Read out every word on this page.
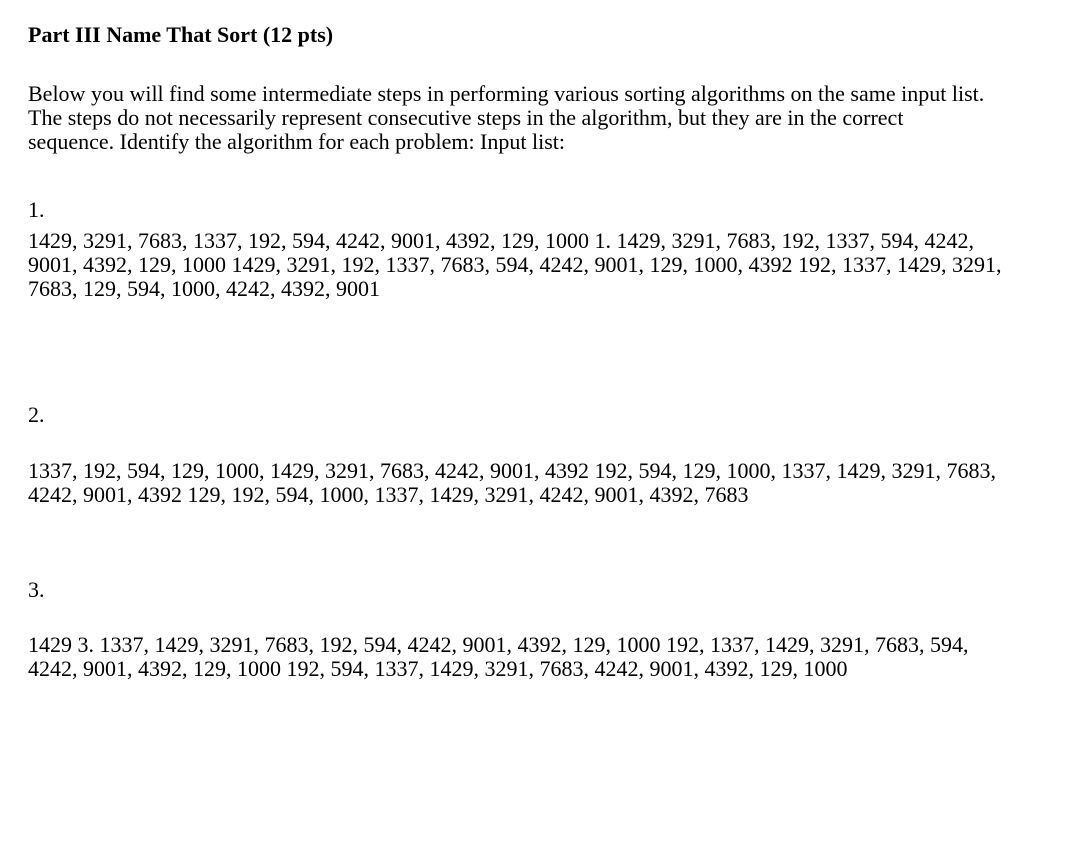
Part III Name That Sort (12 pts)

Below you will find some intermediate steps in performing various sorting algorithms on the same input list. The steps do not necessarily represent consecutive steps in the algorithm, but they are in the correct sequence. Identify the algorithm for each problem: Input list:

1.

1429, 3291, 7683, 1337, 192, 594, 4242, 9001, 4392, 129, 1000 1. 1429, 3291, 7683, 192, 1337, 594, 4242, 9001, 4392, 129, 1000 1429, 3291, 192, 1337, 7683, 594, 4242, 9001, 129, 1000, 4392 192, 1337, 1429, 3291, 7683, 129, 594, 1000, 4242, 4392, 9001

2.

1337, 192, 594, 129, 1000, 1429, 3291, 7683, 4242, 9001, 4392 192, 594, 129, 1000, 1337, 1429, 3291, 7683, 4242, 9001, 4392 129, 192, 594, 1000, 1337, 1429, 3291, 4242, 9001, 4392, 7683

3.

1429 3. 1337, 1429, 3291, 7683, 192, 594, 4242, 9001, 4392, 129, 1000 192, 1337, 1429, 3291, 7683, 594, 4242, 9001, 4392, 129, 1000 192, 594, 1337, 1429, 3291, 7683, 4242, 9001, 4392, 129, 1000
